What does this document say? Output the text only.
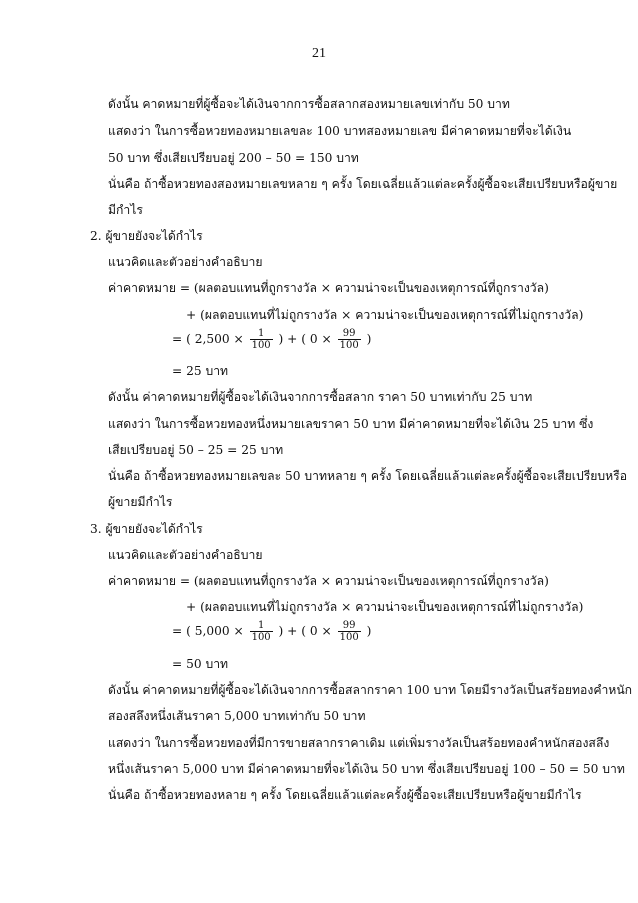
21
ดังนั้น คาดหมายที่ผู้ซื้อจะได้เงินจากการซื้อสลากสองหมายเลขเท่ากับ 50 บาท
แสดงว่า ในการซื้อหวยทองหมายเลขละ 100 บาทสองหมายเลข มีค่าคาดหมายที่จะได้เงิน
50 บาท ซึ่งเสียเปรียบอยู่ 200 – 50 = 150 บาท
นั่นคือ ถ้าซื้อหวยทองสองหมายเลขหลาย ๆ ครั้ง โดยเฉลี่ยแล้วแต่ละครั้งผู้ซื้อจะเสียเปรียบหรือผู้ขาย
มีกำไร
2. ผู้ขายยังจะได้กำไร
แนวคิดและตัวอย่างคำอธิบาย
ค่าคาดหมาย = (ผลตอบแทนที่ถูกรางวัล × ความน่าจะเป็นของเหตุการณ์ที่ถูกรางวัล)
+ (ผลตอบแทนที่ไม่ถูกรางวัล × ความน่าจะเป็นของเหตุการณ์ที่ไม่ถูกรางวัล)
= ( $2,500 \times \frac{1}{100}$ ) + ( $0 \times \frac{99}{100}$ )
= 25 บาท
ดังนั้น ค่าคาดหมายที่ผู้ซื้อจะได้เงินจากการซื้อสลาก ราคา 50 บาทเท่ากับ 25 บาท
แสดงว่า ในการซื้อหวยทองหนึ่งหมายเลขราคา 50 บาท มีค่าคาดหมายที่จะได้เงิน 25 บาท ซึ่ง
เสียเปรียบอยู่ 50 – 25 = 25 บาท
นั่นคือ ถ้าซื้อหวยทองหมายเลขละ 50 บาทหลาย ๆ ครั้ง โดยเฉลี่ยแล้วแต่ละครั้งผู้ซื้อจะเสียเปรียบหรือ
ผู้ขายมีกำไร
3. ผู้ขายยังจะได้กำไร
แนวคิดและตัวอย่างคำอธิบาย
ค่าคาดหมาย = (ผลตอบแทนที่ถูกรางวัล × ความน่าจะเป็นของเหตุการณ์ที่ถูกรางวัล)
+ (ผลตอบแทนที่ไม่ถูกรางวัล × ความน่าจะเป็นของเหตุการณ์ที่ไม่ถูกรางวัล)
= ( $5,000 \times \frac{1}{100}$ ) + ( $0 \times \frac{99}{100}$ )
= 50 บาท
ดังนั้น ค่าคาดหมายที่ผู้ซื้อจะได้เงินจากการซื้อสลากราคา 100 บาท โดยมีรางวัลเป็นสร้อยทองคำหนัก
สองสลึงหนึ่งเส้นราคา 5,000 บาทเท่ากับ 50 บาท
แสดงว่า ในการซื้อหวยทองที่มีการขายสลากราคาเดิม แต่เพิ่มรางวัลเป็นสร้อยทองคำหนักสองสลึง
หนึ่งเส้นราคา 5,000 บาท มีค่าคาดหมายที่จะได้เงิน 50 บาท ซึ่งเสียเปรียบอยู่ 100 – 50 = 50 บาท
นั่นคือ ถ้าซื้อหวยทองหลาย ๆ ครั้ง โดยเฉลี่ยแล้วแต่ละครั้งผู้ซื้อจะเสียเปรียบหรือผู้ขายมีกำไร
